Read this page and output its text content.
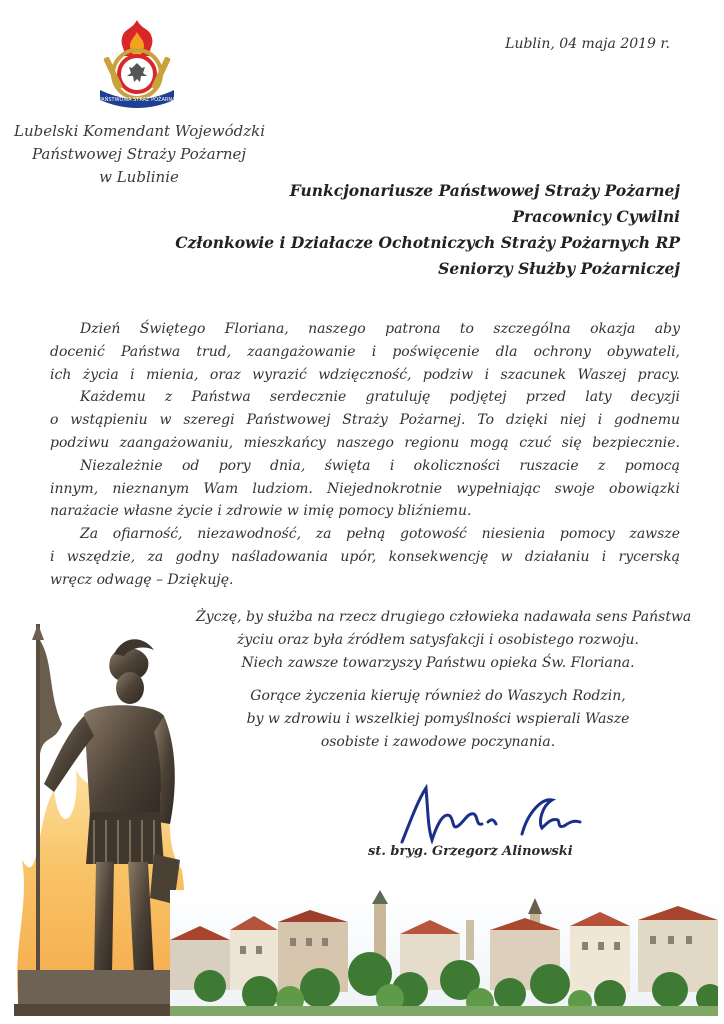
PAŃSTWOWA STRAŻ POŻARNA
Lubelski Komendant Wojewódzki
Państwowej Straży Pożarnej
w Lublinie
Lublin, 04 maja 2019 r.
Funkcjonariusze Państwowej Straży Pożarnej
Pracownicy Cywilni
Członkowie i Działacze Ochotniczych Straży Pożarnych RP
Seniorzy Służby Pożarniczej
Dzień Świętego Floriana, naszego patrona to szczególna okazja aby
docenić Państwa trud, zaangażowanie i poświęcenie dla ochrony obywateli,
ich życia i mienia, oraz wyrazić wdzięczność, podziw i szacunek Waszej pracy.
Każdemu z Państwa serdecznie gratuluję podjętej przed laty decyzji
o wstąpieniu w szeregi Państwowej Straży Pożarnej. To dzięki niej i godnemu
podziwu zaangażowaniu, mieszkańcy naszego regionu mogą czuć się bezpiecznie.
Niezależnie od pory dnia, święta i okoliczności ruszacie z pomocą
innym, nieznanym Wam ludziom. Niejednokrotnie wypełniając swoje obowiązki
narażacie własne życie i zdrowie w imię pomocy bliźniemu.
Za ofiarność, niezawodność, za pełną gotowość niesienia pomocy zawsze
i wszędzie, za godny naśladowania upór, konsekwencję w działaniu i rycerską
wręcz odwagę – Dziękuję.
Życzę, by służba na rzecz drugiego człowieka nadawała sens Państwa
życiu oraz była źródłem satysfakcji i osobistego rozwoju.
Niech zawsze towarzyszy Państwu opieka Św. Floriana.
Gorące życzenia kieruję również do Waszych Rodzin,
by w zdrowiu i wszelkiej pomyślności wspierali Wasze
osobiste i zawodowe poczynania.
st. bryg. Grzegorz Alinowski
